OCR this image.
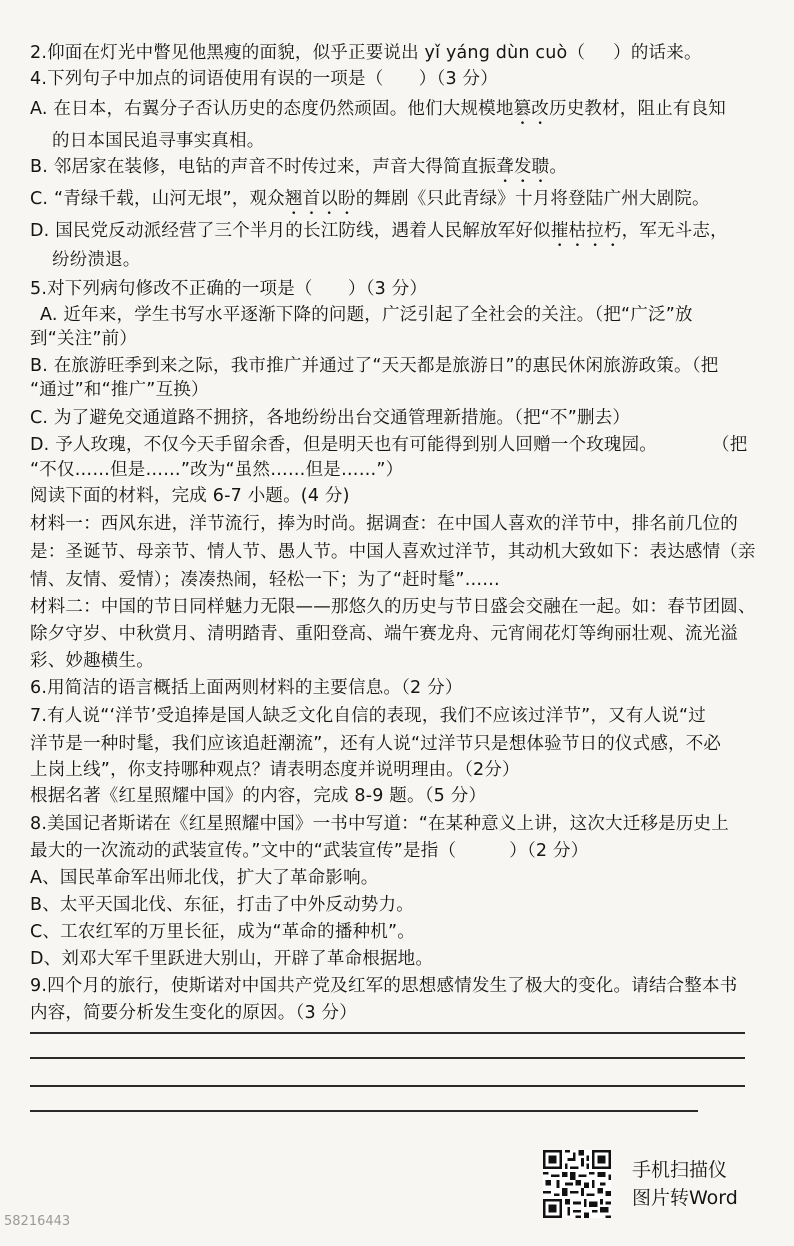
2.仰面在灯光中瞥见他黑瘦的面貌，似乎正要说出 yǐ yáng dùn cuò（ ）的话来。
4.下列句子中加点的词语使用有误的一项是（　　）（3 分）
A. 在日本，右翼分子否认历史的态度仍然顽固。他们大规模地篡改历史教材，阻止有良知
的日本国民追寻事实真相。
B. 邻居家在装修，电钻的声音不时传过来，声音大得简直振聋发聩。
C. “青绿千载，山河无垠”，观众翘首以盼的舞剧《只此青绿》十月将登陆广州大剧院。
D. 国民党反动派经营了三个半月的长江防线，遇着人民解放军好似摧枯拉朽，军无斗志，
纷纷溃退。
5.对下列病句修改不正确的一项是（　　）（3 分）
A. 近年来，学生书写水平逐渐下降的问题，广泛引起了全社会的关注。（把“广泛”放
到“关注”前）
B. 在旅游旺季到来之际，我市推广并通过了“天天都是旅游日”的惠民休闲旅游政策。（把
“通过”和“推广”互换）
C. 为了避免交通道路不拥挤，各地纷纷出台交通管理新措施。（把“不”删去）
D. 予人玫瑰，不仅今天手留余香，但是明天也有可能得到别人回赠一个玫瑰园。	（把
“不仅……但是……”改为“虽然……但是……”）
阅读下面的材料，完成 6-7 小题。(4 分)
材料一：西风东进，洋节流行，捧为时尚。据调查：在中国人喜欢的洋节中，排名前几位的
是：圣诞节、母亲节、情人节、愚人节。中国人喜欢过洋节，其动机大致如下：表达感情（亲
情、友情、爱情）；凑凑热闹，轻松一下；为了“赶时髦”……
材料二：中国的节日同样魅力无限——那悠久的历史与节日盛会交融在一起。如：春节团圆、
除夕守岁、中秋赏月、清明踏青、重阳登高、端午赛龙舟、元宵闹花灯等绚丽壮观、流光溢
彩、妙趣横生。
6.用简洁的语言概括上面两则材料的主要信息。（2 分）
7.有人说“‘洋节’受追捧是国人缺乏文化自信的表现，我们不应该过洋节”，又有人说“过
洋节是一种时髦，我们应该追赶潮流”，还有人说“过洋节只是想体验节日的仪式感，不必
上岗上线”，你支持哪种观点？请表明态度并说明理由。（2分）
根据名著《红星照耀中国》的内容，完成 8-9 题。（5 分）
8.美国记者斯诺在《红星照耀中国》一书中写道：“在某种意义上讲，这次大迁移是历史上
最大的一次流动的武装宣传。”文中的“武装宣传”是指（　　　）（2 分）
A、国民革命军出师北伐，扩大了革命影响。
B、太平天国北伐、东征，打击了中外反动势力。
C、工农红军的万里长征，成为“革命的播种机”。
D、刘邓大军千里跃进大别山，开辟了革命根据地。
9.四个月的旅行，使斯诺对中国共产党及红军的思想感情发生了极大的变化。请结合整本书
内容，简要分析发生变化的原因。（3 分）
手机扫描仪
图片转Word
58216443
